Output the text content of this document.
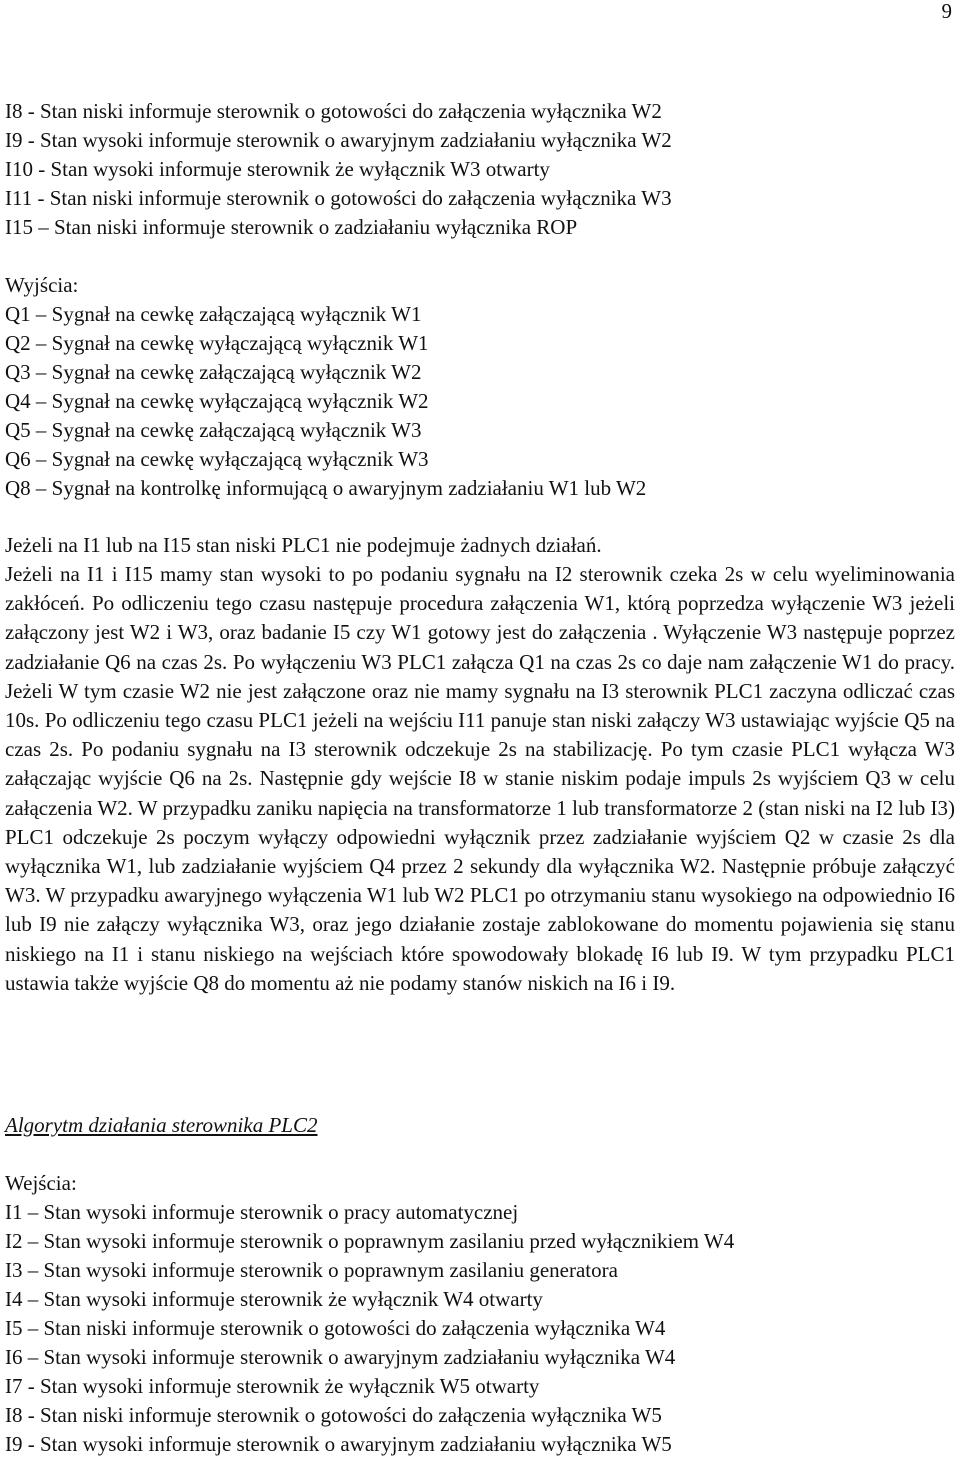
9
I8 - Stan niski informuje sterownik o gotowości do załączenia wyłącznika W2
I9 - Stan wysoki informuje sterownik o awaryjnym zadziałaniu wyłącznika W2
I10 - Stan wysoki informuje sterownik że wyłącznik W3 otwarty
I11 - Stan niski informuje sterownik o gotowości do załączenia wyłącznika W3
I15 – Stan niski informuje sterownik o zadziałaniu wyłącznika ROP
Wyjścia:
Q1 – Sygnał na cewkę załączającą wyłącznik W1
Q2 – Sygnał na cewkę wyłączającą wyłącznik W1
Q3 – Sygnał na cewkę załączającą wyłącznik W2
Q4 – Sygnał na cewkę wyłączającą wyłącznik W2
Q5 – Sygnał na cewkę załączającą wyłącznik W3
Q6 – Sygnał na cewkę wyłączającą wyłącznik W3
Q8 – Sygnał na kontrolkę informującą o awaryjnym zadziałaniu W1 lub W2
Jeżeli na I1 lub na I15 stan niski PLC1 nie podejmuje żadnych działań.

Jeżeli na I1 i I15 mamy stan wysoki to po podaniu sygnału na I2 sterownik czeka 2s w celu wyeliminowania zakłóceń. Po odliczeniu tego czasu następuje procedura załączenia W1, którą poprzedza wyłączenie W3 jeżeli załączony jest W2 i W3, oraz badanie I5 czy W1 gotowy jest do załączenia . Wyłączenie W3 następuje poprzez zadziałanie Q6 na czas 2s. Po wyłączeniu W3 PLC1 załącza Q1 na czas 2s co daje nam załączenie W1 do pracy. Jeżeli W tym czasie W2 nie jest załączone oraz nie mamy sygnału na I3 sterownik PLC1 zaczyna odliczać czas 10s. Po odliczeniu tego czasu PLC1 jeżeli na wejściu I11 panuje stan niski załączy W3 ustawiając wyjście Q5 na czas 2s. Po podaniu sygnału na I3 sterownik odczekuje 2s na stabilizację. Po tym czasie PLC1 wyłącza W3 załączając wyjście Q6 na 2s. Następnie gdy wejście I8 w stanie niskim podaje impuls 2s wyjściem Q3 w celu załączenia W2. W przypadku zaniku napięcia na transformatorze 1 lub transformatorze 2 (stan niski na I2 lub I3) PLC1 odczekuje 2s poczym wyłączy odpowiedni wyłącznik przez zadziałanie wyjściem Q2 w czasie 2s dla wyłącznika W1, lub zadziałanie wyjściem Q4 przez 2 sekundy dla wyłącznika W2. Następnie próbuje załączyć W3. W przypadku awaryjnego wyłączenia W1 lub W2 PLC1 po otrzymaniu stanu wysokiego na odpowiednio I6 lub I9 nie załączy wyłącznika W3, oraz jego działanie zostaje zablokowane do momentu pojawienia się stanu niskiego na I1 i stanu niskiego na wejściach które spowodowały blokadę I6 lub I9. W tym przypadku PLC1 ustawia także wyjście Q8 do momentu aż nie podamy stanów niskich na I6 i I9.

Algorytm działania sterownika PLC2
Wejścia:
I1 – Stan wysoki informuje sterownik o pracy automatycznej
I2 – Stan wysoki informuje sterownik o poprawnym zasilaniu przed wyłącznikiem W4
I3 – Stan wysoki informuje sterownik o poprawnym zasilaniu generatora
I4 – Stan wysoki informuje sterownik że wyłącznik W4 otwarty
I5 – Stan niski informuje sterownik o gotowości do załączenia wyłącznika W4
I6 – Stan wysoki informuje sterownik o awaryjnym zadziałaniu wyłącznika W4
I7 - Stan wysoki informuje sterownik że wyłącznik W5 otwarty
I8 - Stan niski informuje sterownik o gotowości do załączenia wyłącznika W5
I9 - Stan wysoki informuje sterownik o awaryjnym zadziałaniu wyłącznika W5
